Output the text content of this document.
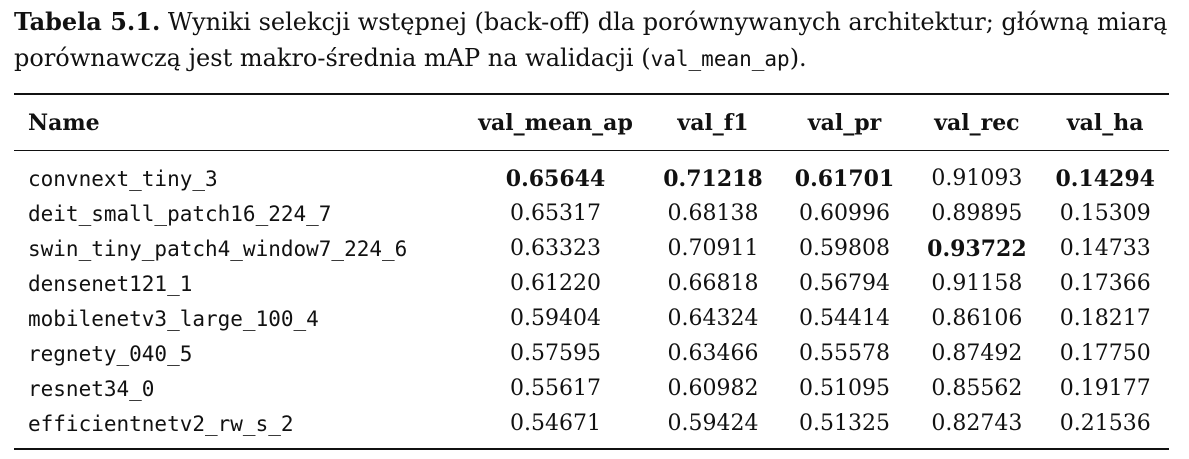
Tabela 5.1. Wyniki selekcji wstępnej (back-off) dla porównywanych architektur; główną miarą porównawczą jest makro-średnia mAP na walidacji (val_mean_ap).

Name	val_mean_ap	val_f1	val_pr	val_rec	val_ha
convnext_tiny_3	0.65644	0.71218	0.61701	0.91093	0.14294
deit_small_patch16_224_7	0.65317	0.68138	0.60996	0.89895	0.15309
swin_tiny_patch4_window7_224_6	0.63323	0.70911	0.59808	0.93722	0.14733
densenet121_1	0.61220	0.66818	0.56794	0.91158	0.17366
mobilenetv3_large_100_4	0.59404	0.64324	0.54414	0.86106	0.18217
regnety_040_5	0.57595	0.63466	0.55578	0.87492	0.17750
resnet34_0	0.55617	0.60982	0.51095	0.85562	0.19177
efficientnetv2_rw_s_2	0.54671	0.59424	0.51325	0.82743	0.21536
